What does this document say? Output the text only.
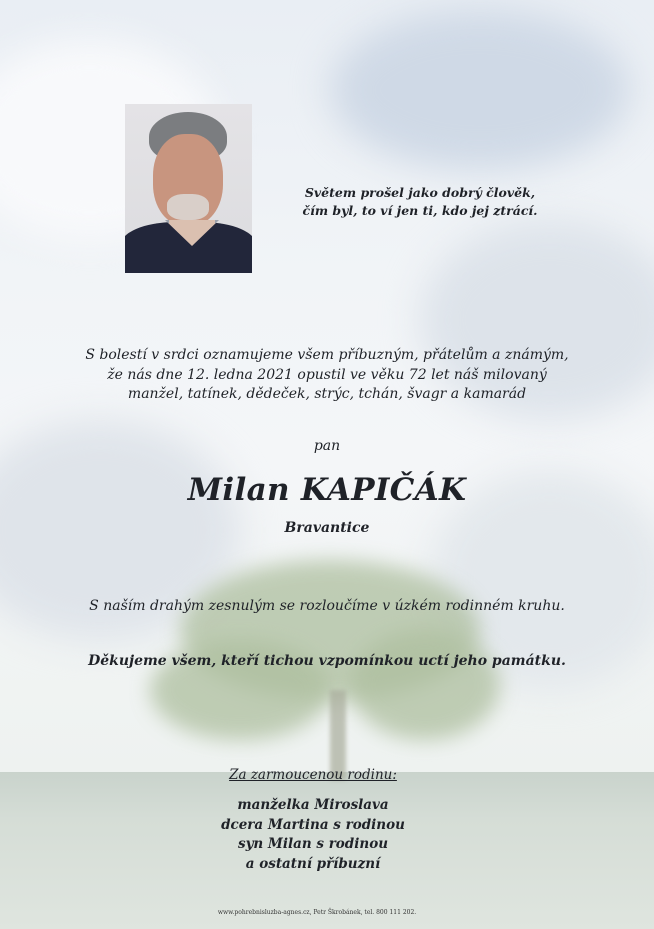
Světem prošel jako dobrý člověk,
čím byl, to ví jen ti, kdo jej ztrácí.
S bolestí v srdci oznamujeme všem příbuzným, přátelům a známým,
že nás dne 12. ledna 2021 opustil ve věku 72 let náš milovaný
manžel, tatínek, dědeček, strýc, tchán, švagr a kamarád
pan
Milan KAPIČÁK
Bravantice
S naším drahým zesnulým se rozloučíme v úzkém rodinném kruhu.
Děkujeme všem, kteří tichou vzpomínkou uctí jeho památku.
Za zarmoucenou rodinu:
manželka Miroslava
dcera Martina s rodinou
syn Milan s rodinou
a ostatní příbuzní
www.pohrebnisluzba-agnes.cz, Petr Škrobánek, tel. 800 111 202.
